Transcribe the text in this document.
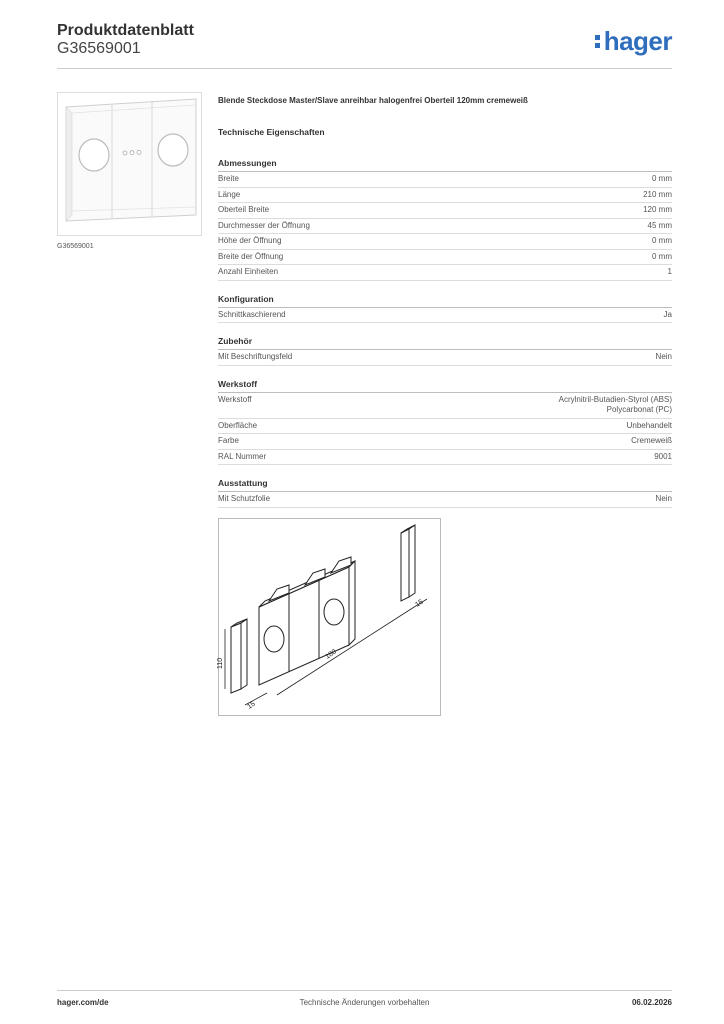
Produktdatenblatt
G36569001	hager
G36569001
Blende Steckdose Master/Slave anreihbar halogenfrei Oberteil 120mm cremeweiß
Technische Eigenschaften
Abmessungen
Breite	0 mm
Länge	210 mm
Oberteil Breite	120 mm
Durchmesser der Öffnung	45 mm
Höhe der Öffnung	0 mm
Breite der Öffnung	0 mm
Anzahl Einheiten	1
Konfiguration
Schnittkaschierend	Ja
Zubehör
Mit Beschriftungsfeld	Nein
Werkstoff
Werkstoff	Acrylnitril-Butadien-Styrol (ABS)
Polycarbonat (PC)
Oberfläche	Unbehandelt
Farbe	Cremeweiß
RAL Nummer	9001
Ausstattung
Mit Schutzfolie	Nein
180
110
15
15
hager.com/de	Technische Änderungen vorbehalten	06.02.2026
